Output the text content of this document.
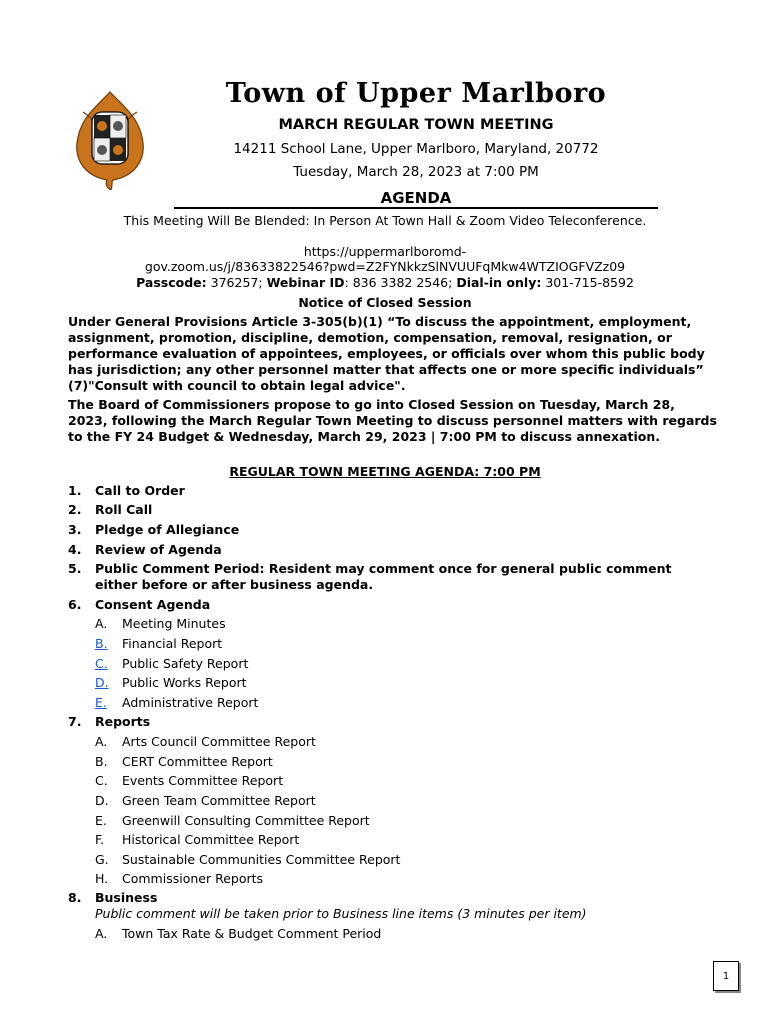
Town of Upper Marlboro
MARCH REGULAR TOWN MEETING
14211 School Lane, Upper Marlboro, Maryland, 20772
Tuesday, March 28, 2023 at 7:00 PM
AGENDA
This Meeting Will Be Blended: In Person At Town Hall & Zoom Video Teleconference.
https://uppermarlboromd-
gov.zoom.us/j/83633822546?pwd=Z2FYNkkzSlNVUUFqMkw4WTZIOGFVZz09
Passcode: 376257; Webinar ID: 836 3382 2546; Dial-in only: 301-715-8592
Notice of Closed Session
Under General Provisions Article 3-305(b)(1) “To discuss the appointment, employment, assignment, promotion, discipline, demotion, compensation, removal, resignation, or performance evaluation of appointees, employees, or officials over whom this public body has jurisdiction; any other personnel matter that affects one or more specific individuals” (7)"Consult with council to obtain legal advice".
The Board of Commissioners propose to go into Closed Session on Tuesday, March 28, 2023, following the March Regular Town Meeting to discuss personnel matters with regards to the FY 24 Budget & Wednesday, March 29, 2023 | 7:00 PM to discuss annexation.
REGULAR TOWN MEETING AGENDA: 7:00 PM
1. Call to Order
2. Roll Call
3. Pledge of Allegiance
4. Review of Agenda
5. Public Comment Period: Resident may comment once for general public comment either before or after business agenda.
6. Consent Agenda
A. Meeting Minutes
B. Financial Report
C. Public Safety Report
D. Public Works Report
E. Administrative Report
7. Reports
A. Arts Council Committee Report
B. CERT Committee Report
C. Events Committee Report
D. Green Team Committee Report
E. Greenwill Consulting Committee Report
F. Historical Committee Report
G. Sustainable Communities Committee Report
H. Commissioner Reports
8. Business
Public comment will be taken prior to Business line items (3 minutes per item)
A. Town Tax Rate & Budget Comment Period
1
